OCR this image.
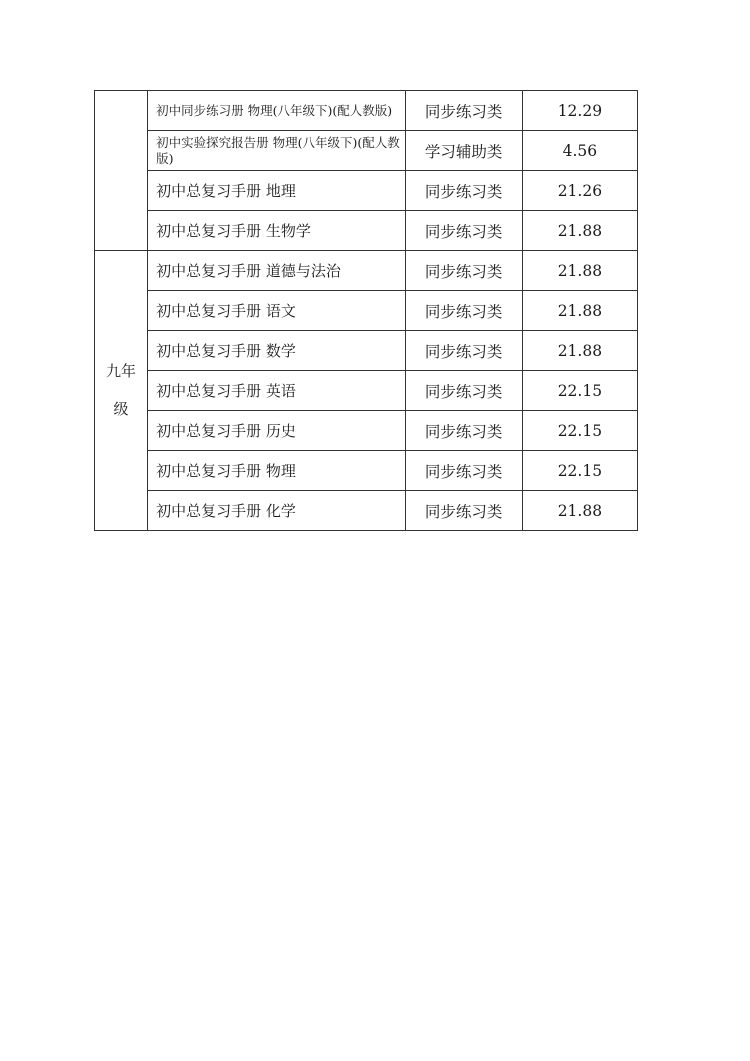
	初中同步练习册 物理(八年级下)(配人教版)	同步练习类	12.29

	初中实验探究报告册 物理(八年级下)(配人教版)	学习辅助类	4.56

	初中总复习手册 地理	同步练习类	21.26

	初中总复习手册 生物学	同步练习类	21.88
九年级	初中总复习手册 道德与法治	同步练习类	21.88

	初中总复习手册 语文	同步练习类	21.88

	初中总复习手册 数学	同步练习类	21.88

	初中总复习手册 英语	同步练习类	22.15

	初中总复习手册 历史	同步练习类	22.15

	初中总复习手册 物理	同步练习类	22.15

	初中总复习手册 化学	同步练习类	21.88
